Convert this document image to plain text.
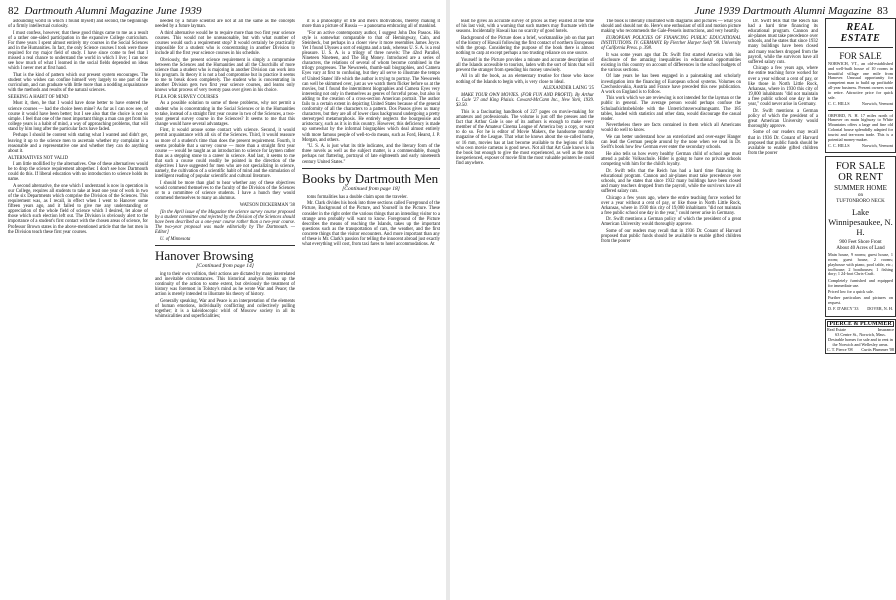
82 Dartmouth Alumni Magazine June 1939

astounding world in which I found myself) and second, the beginnings of a firmly intellectual curiosity.

I must confess, however, that these good things came to me as a result of a rather one-sided participation in the expansive College curriculum. For three years I spent almost entirely my courses in the Social Sciences and in the Humanities. In fact, the only Science courses I took were those required for my major field of study. I have since come to feel that I missed a real chance to understand the world in which I live; I can now see how much of what I learned in the social fields depended on ideas which I never met at first hand.

That is the kind of pattern which our present system encourages. The student who wishes can confine himself very largely to one part of the curriculum, and can graduate with little more than a nodding acquaintance with the methods and results of the natural sciences.

SEEKING A HABIT OF MIND

Must it, then, be that I would have done better to have entered the science courses — had the choice been mine? As far as I can now see, of course it would have been better; but I see also that the choice is not so simple. I feel that one of the most important things a man can get from his college years is a habit of mind, a way of approaching problems, that will stand by him long after the particular facts have faded.

Perhaps I should be content with stating what I wanted and didn't get, leaving it up to the science men to ascertain whether my complaint is a reasonable and a representative one and whether they can do anything about it.

ALTERNATIVES NOT VALID

I am little mollified by the alternatives. One of these alternatives would be to drop the science requirement altogether. I don't see how Dartmouth could do this. If liberal education with no introduction to science holds its name.

A second alternative, the one which I understand is now in operation in our College, requires all students to take at least one year of work in two of the six Departments which comprise the Division of the Sciences. This requirement was, as I recall, in effect when I went to Hanover some fifteen years ago, and it failed to give me any understanding or appreciation of the whole field of science which I desired, let alone of those which such election left out. The Division is obviously alert to the importance of a student's first contact with the chosen areas of science, for Professor Brown states in the above-mentioned article that the hot men in the Division teach these first year courses.

needed by a future scientist are not at all the same as the concepts needed by a future layman.

A third alternative would be to require more than two first year science courses. This would not be unreasonable, but with what number of courses would such a requirement stop? It would certainly be practically impossible for a student who is concentrating in another Division to include all the first year science courses in his schedule.

Obviously, the present science requirement is simply a compromise between the Sciences and the Humanities and all the Churchills of more science than a student who is majoring in another Division can work into his program. In theory it is not a bad compromise but in practice it seems to me to break down completely. The student who is concentrating in another Division gets two first year science courses, and learns only knows what process of very twenty pass over given in his choice.

PLEA FOR SURVEY COURSES

As a possible solution to some of these problems, why not permit a student who is concentrating in the Social Sciences or in the Humanities to take, instead of a straight first year course in two of the Sciences, a two-year general survey course in the Sciences? It seems to me that this change would have several advantages.

First, it would arouse some contact with science. Second, it would permit acquaintance with all six of the Sciences. Third, it would reassure us more of a student's time than does the present requirement. Fourth, it seems probable that a survey course — more than a straight first year course — would be taught as an introduction to science for laymen rather than as a stepping stone to a career in science. And last, it seems to me that such a course could readily be pointed in the direction of the objectives I have suggested for men who are not specializing in science, namely, the cultivation of a scientific habit of mind and the stimulation of intelligent reading of popular scientific and cultural literature.

I should be more than glad to hear whether any of these objectives would commend themselves to the faculty of the Division of the Sciences or to a committee of science students. I have a hunch they would commend themselves to many an alumnus.

WATSON DICKERMAN '38

[In the April issue of the Magazine the science survey course proposed by a student committee and rejected by the Division of the Sciences should have been described as a one-year course rather than a two-year course. The two-year proposal was made editorially by The Dartmouth. — Editor]

U. of Minnesota

Hanover Browsing
[Continued from page 14]

ing to their own volition, their actions are dictated by many interrelated and inevitable circumstances. This historical analysis breaks up the continuity of the action to some extent, but obviously the treatment of history was foremost in Tolstoy's mind as he wrote War and Peace; the action is merely intended to illustrate his theory of history.

Generally speaking, War and Peace is an interpretation of the elements of human emotions, individually conflicting and collectively pulling together; it is a kaleidoscopic whirl of Moscow society in all its whimsicalities and superficialities;

it is a philosophy of life and men's motivations, thereby making it more than a picture of Russia — a panorama embracing all of mankind.

"For an active contemporary author, I suggest John Dos Passos. His style is somewhat comparable to that of Hemingway, Cain, and Steinbeck, but perhaps in a closer view it more resembles James Joyce. Yet I found Ulysses a sort of enigma and a task, whereas U. S. A. is a real pleasure. U. S. A. is a trilogy of three novels: The 42nd Parallel, Nineteen Nineteen, and The Big Money. Introduced are a series of characters, the relations of several of whom become combined in the trilogy progresses. The Newsreels, thumb-nail biographies, and Camera Eyes vary at first to confusing, but they all serve to illustrate the tempo of United States' life which the author is trying to portray. The Newsreels can well be skimmed over, just as we watch them flicker before us at the movies, but I found the intermittent biographies and Camera Eyes very interesting not only in themselves as genres of forceful prose, but also in adding to the creation of a cross-section American portrait. The author fails to a certain extent in depicting United States because of the general conformity of all the characters to a pattern. Dos Passos gives us many characters, but they are all of lower class background undergoing a pretty stereotyped metamorphosis. He entirely neglects the bourgeoisie and aristocracy, such as it is in this country. However, this deficiency is made up somewhat by the informal biographies which deal almost entirely with more famous people of well-to-do means, such as Ford, Hearst, J. P. Morgan, and others.

"U. S. A. is just what its title indicates, and the literary form of the three novels as well as the subject matter, is a commendable, though perhaps not flattering, portrayal of late eighteenth and early nineteenth century United States."

Books by Dartmouth Men
[Continued from page 18]

toms formalities has a double claim upon the traveler.

Mr. Clark divides his book into three sections called Foreground of the Picture, Background of the Picture, and Yourself in the Picture. These consider in the right order the various things that an intending visitor to a strange area probably will want to know. Foreground of the Picture describes the means of reaching the Islands, takes up the important questions such as the transportation of cars, the weather, and the first concrete things that the visitor encounters. And more important than any of these is Mr. Clark's passion for telling the innocent abroad just exactly what everything will cost, from taxi fares to hotel accommodations. At

June 1939 Dartmouth Alumni Magazine 83

least he gives an accurate survey of prices as they existed at the time of his last visit, with a warning that such matters may fluctuate with the seasons. Incidentally Hawaii has no scarcity of good hotels.

Background of the Picture does a brief, workmanlike job on that part of the history of Hawaii following the first contact of northern Europeans with the group. Considering the purpose of the book there is almost nothing to carp at except perhaps a too trusting reliance on one source.

Yourself in the Picture provides a minute and accurate description of all the Islands accessible to tourists, laden with the sort of hints that will prevent the stranger from spending his money unwisely.

All in all the book, as an elementary treatise for those who know nothing of the Islands to begin with, is very close to ideal.

ALEXANDER LAING '25

MAKE YOUR OWN MOVIES. (FOR FUN AND PROFIT). By Arthur L. Gale '27 and King Plaisis. Coward-McCann Inc., New York, 1939. $3.50.

This is a fascinating handbook of 227 pages on movie-making for amateurs and professionals. The volume is just off the presses and the fact that Arthur Gale is one of its authors is enough to make every member of the Amateur Cinema League of America buy a copy, or want to do so. For he is editor of Movie Makers, the handsome monthly magazine of the League. That what he knows about the so-called home, or 16 mm, movies has at last become available to the legions of folks who own movie cameras is good news. Not all that Art Gale knows is in the book but enough to give the most experienced, as well as the most inexperienced, exposer of movie film the most valuable pointers he could find anywhere.

The book is liberally illustrated with diagrams and pictures — what you should and should not do. Here's one enthusiast of still and motion picture making who recommends the Gale-Pessels instructions, and very heartily.

EUROPEAN POLICIES OF FINANCING PUBLIC EDUCATIONAL INSTITUTIONS. IV. GERMANY. By Fletcher Harper Swift '98. University of California Press. p. 398.

It was some years ago that Dr. Swift first started America with his disclosure of the amazing inequalities in educational opportunities existing in this country on account of differences in the school budgets of the various sections.

Of late years he has been engaged in a painstaking and scholarly investigation into the financing of European school systems. Volumes on Czechoslovakia, Austria and France have preceded this new publication. A work on England is to follow.

This work which we are reviewing is not intended for the layman or the public in general. The average person would perhaps confuse the Schulaufsichtsbehörde with the Unterrichtsverwaltungsamt. The 185 tables, loaded with statistics and other data, would discourage the casual reader.

Nevertheless there are facts contained in them which all Americans would do well to know.

We can better understand how an exteriorized and over-eager Hanger can lead the German people around by the nose when we read in Dr. Swift's book how few German ever enter the secondary schools.

He also tells us how every healthy German child of school age must attend a public Volksschule. Hitler is going to have no private schools competing with him for the child's loyalty.

Dr. Swift tells that the Reich has had a hard time financing its educational program. Cannon and air-planes must take precedence over schools, and he states that since 1932 many buildings have been closed and many teachers dropped from the payroll, while the survivors have all suffered salary cuts.

Chicago a few years ago, where the entire teaching force worked for over a year without a cent of pay, or like those in North Little Rock, Arkansas, where in 1930 this city of 19,000 inhabitants "did not maintain a free public school one day in the year," could never arise in Germany.

Dr. Swift mentions a German policy of which the president of a great American University would thoroughly approve.

Some of our readers may recall that in 1936 Dr. Conant of Harvard proposed that public funds should be available to enable gifted children from the poorer

Dr. Swift tells that the Reich has had a hard time financing its educational program. Cannon and air-planes must take precedence over schools, and he states that since 1932 many buildings have been closed and many teachers dropped from the payroll, while the survivors have all suffered salary cuts.

Chicago a few years ago, where the entire teaching force worked for over a year without a cent of pay, or like those in North Little Rock, Arkansas, where in 1930 this city of 19,000 inhabitants "did not maintain a free public school one day in the year," could never arise in Germany.

Dr. Swift mentions a German policy of which the president of a great American University would thoroughly approve.

Some of our readers may recall that in 1936 Dr. Conant of Harvard proposed that public funds should be available to enable gifted children from the poorer

REAL ESTATE
FOR SALE

NORWICH, VT., an old-established and well-built house of 10 rooms in beautiful village one mile from Hanover. Unusual opportunity for competent man to build up profitable all-year business. Present owners want to retire. Attractive price for quick sale.

C. C. HILLS	Norwich, Vermont

ORFORD, N. H. 17 miles north of Hanover on main highway to White Mountains offers a large and fine old Colonial house splendidly adapted for tourist and tea-room trade. This is a potential money-maker.

C. C. HILLS	Norwich, Vermont

FOR SALE OR RENT
SUMMER HOME
on
TUFTONBORO NECK
Lake Winnipesaukee, N. H.
900 Feet Shore Front
About 40 Acres of Land

Main house, 9 rooms; guest house, 1 room; guest house, 2 rooms; playhouse with piano, pool table, etc.; toolhouse; 2 boathouses; 1 fishing dory; 1 24-foot Chris-Craft.

Completely furnished and equipped for immediate use.

Priced low for a quick sale.

Further particulars and pictures on request.

D. F. D'ARCY '33 DOVER, N. H.

PIERCE & PLUMMER
Real Estate	Insurance
63 Centre St., Norwich, Mass.
Desirable homes for sale and to rent in the Norwich and Wellesley areas.
C. T. Pierce '08 Curtis Plummer '08
